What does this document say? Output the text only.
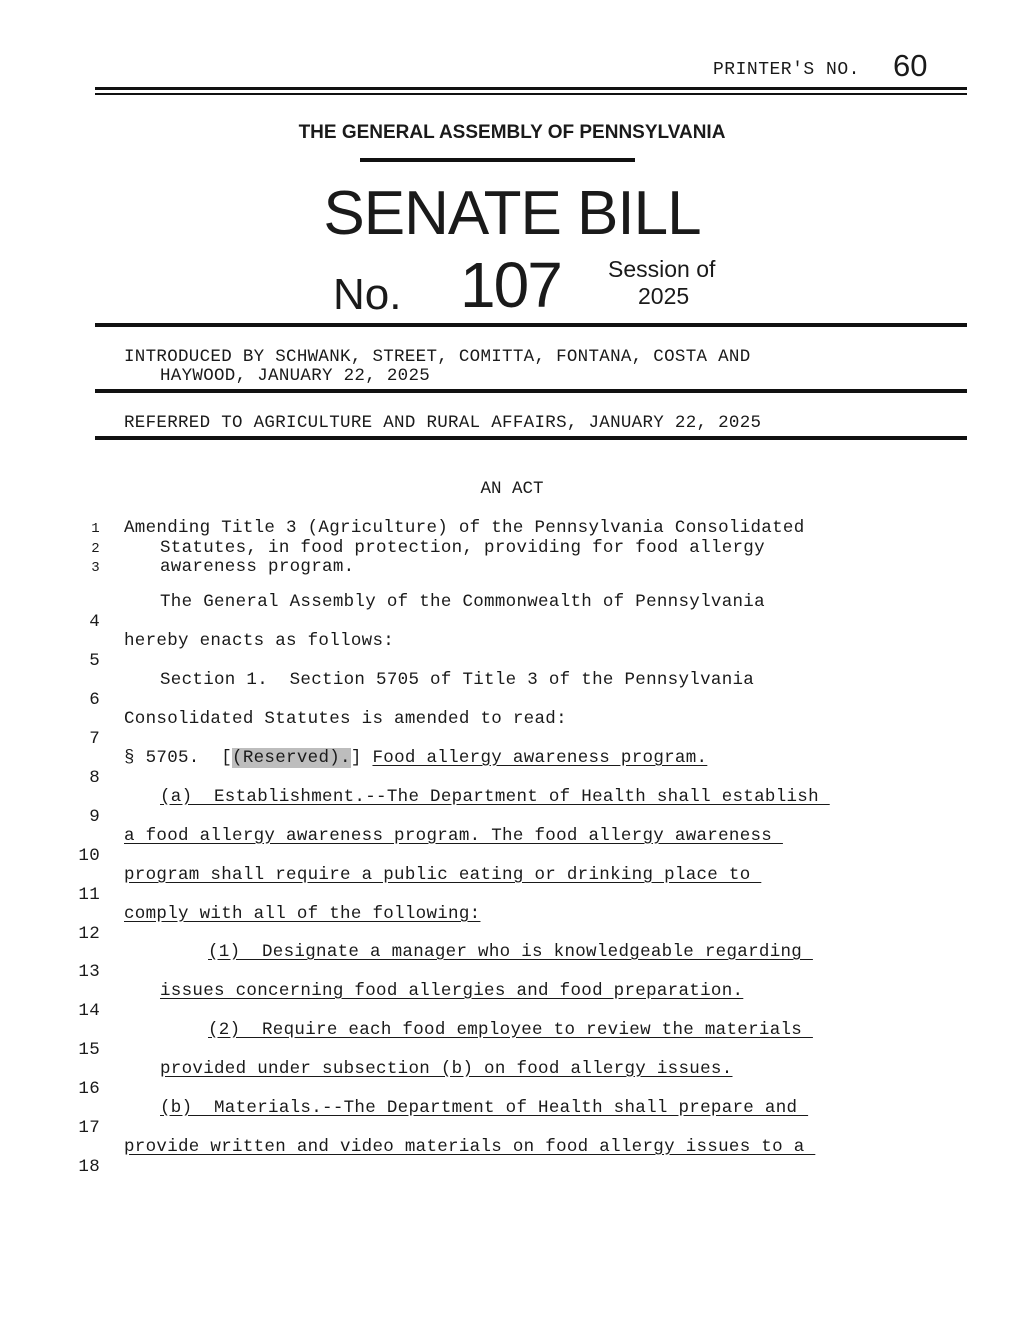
PRINTER'S NO. 60
THE GENERAL ASSEMBLY OF PENNSYLVANIA
SENATE BILL
No. 107 Session of
2025
INTRODUCED BY SCHWANK, STREET, COMITTA, FONTANA, COSTA AND
HAYWOOD, JANUARY 22, 2025
REFERRED TO AGRICULTURE AND RURAL AFFAIRS, JANUARY 22, 2025
AN ACT

1

Amending Title 3 (Agriculture) of the Pennsylvania Consolidated

2

	Statutes, in food protection, providing for food allergy

3

	awareness program.

4

The General Assembly of the Commonwealth of Pennsylvania

5

hereby enacts as follows:

6

Section 1.  Section 5705 of Title 3 of the Pennsylvania

7

Consolidated Statutes is amended to read:

8

§ 5705.  [(Reserved).] Food allergy awareness program.

9

(a)  Establishment.--The Department of Health shall establish

10

a food allergy awareness program. The food allergy awareness

11

program shall require a public eating or drinking place to

12

comply with all of the following:

13

(1)  Designate a manager who is knowledgeable regarding

14

issues concerning food allergies and food preparation.

15

(2)  Require each food employee to review the materials

16

provided under subsection (b) on food allergy issues.

17

(b)  Materials.--The Department of Health shall prepare and

18

provide written and video materials on food allergy issues to a
